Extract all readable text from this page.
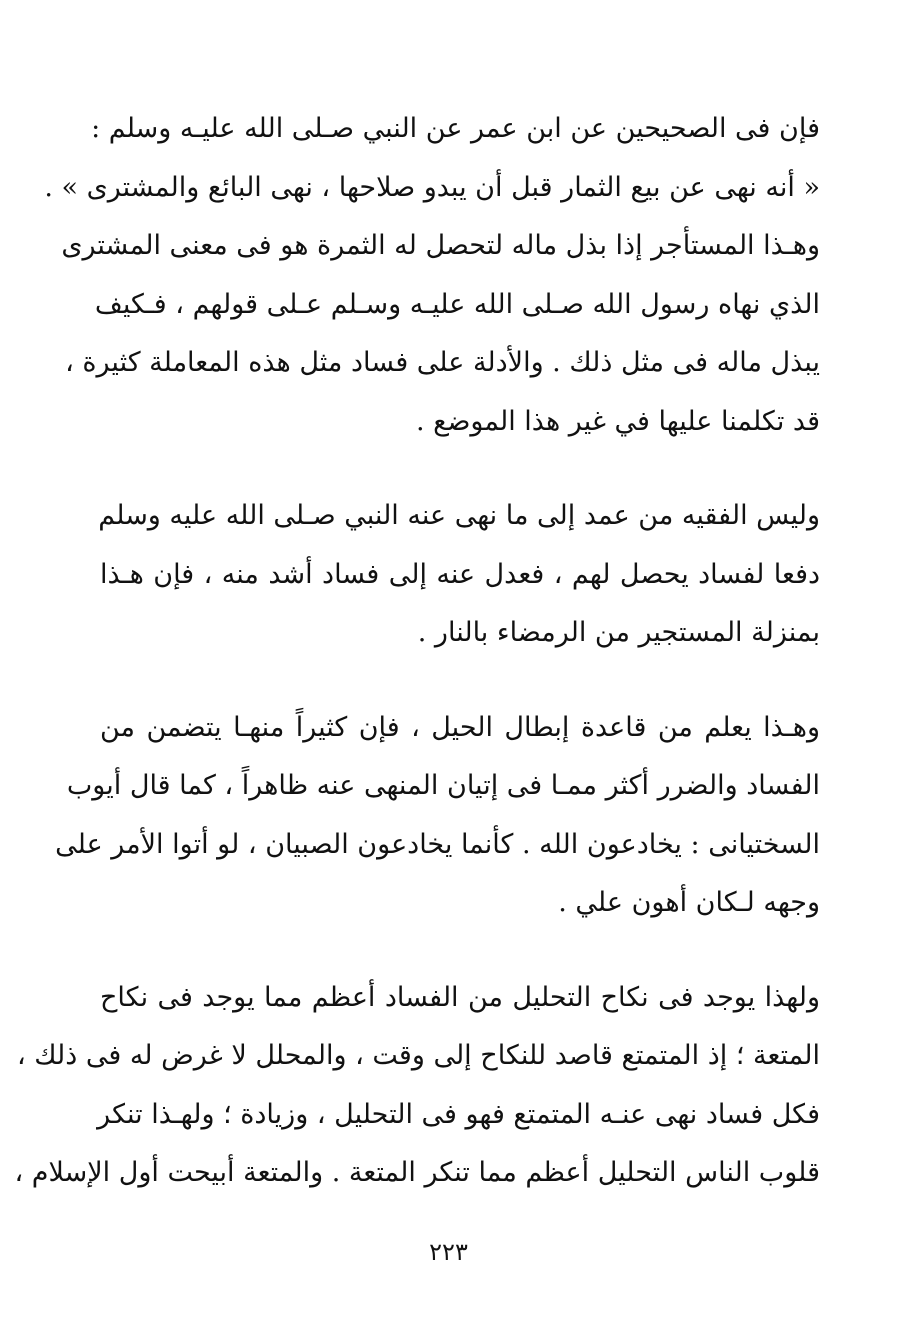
فإن فى الصحيحين عن ابن عمر عن النبي صـلى الله عليـه وسلم :
« أنه نهى عن بيع الثمار قبل أن يبدو صلاحها ، نهى البائع والمشترى » .
وهـذا المستأجر إذا بذل ماله لتحصل له الثمرة هو فى معنى المشترى
الذي نهاه رسول الله صـلى الله عليـه وسـلم عـلى قولهم ، فـكيف
يبذل ماله فى مثل ذلك . والأدلة على فساد مثل هذه المعاملة كثيرة ،
قد تكلمنا عليها في غير هذا الموضع .
وليس الفقيه من عمد إلى ما نهى عنه النبي صـلى الله عليه وسلم
دفعا لفساد يحصل لهم ، فعدل عنه إلى فساد أشد منه ، فإن هـذا
بمنزلة المستجير من الرمضاء بالنار .
وهـذا يعلم من قاعدة إبطال الحيل ، فإن كثيراً منهـا يتضمن من
الفساد والضرر أكثر ممـا فى إتيان المنهى عنه ظاهراً ، كما قال أيوب
السختيانى : يخادعون الله . كأنما يخادعون الصبيان ، لو أتوا الأمر على
وجهه لـكان أهون علي .
ولهذا يوجد فى نكاح التحليل من الفساد أعظم مما يوجد فى نكاح
المتعة ؛ إذ المتمتع قاصد للنكاح إلى وقت ، والمحلل لا غرض له فى ذلك ،
فكل فساد نهى عنـه المتمتع فهو فى التحليل ، وزيادة ؛ ولهـذا تنكر
قلوب الناس التحليل أعظم مما تنكر المتعة . والمتعة أبيحت أول الإسلام ،
٢٢٣
